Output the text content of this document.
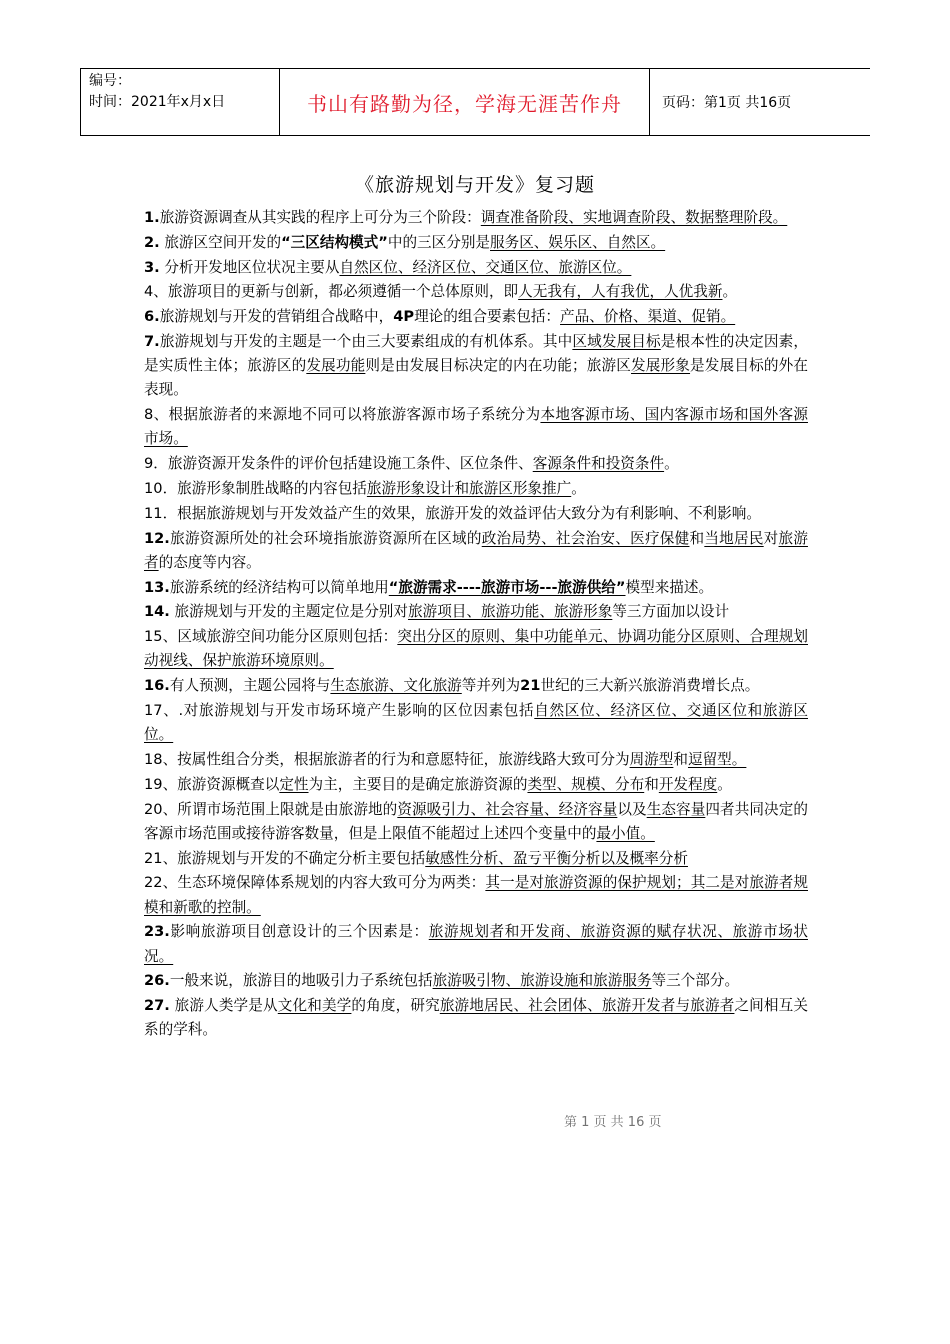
编号：
时间：2021年x月x日	书山有路勤为径，学海无涯苦作舟	页码：第1页 共16页
《旅游规划与开发》复习题

1.旅游资源调查从其实践的程序上可分为三个阶段：调查准备阶段、实地调查阶段、数据整理阶段。

2. 旅游区空间开发的“三区结构模式”中的三区分别是服务区、娱乐区、自然区。

3. 分析开发地区位状况主要从自然区位、经济区位、交通区位、旅游区位。

4、旅游项目的更新与创新，都必须遵循一个总体原则，即人无我有，人有我优，人优我新。

6.旅游规划与开发的营销组合战略中，4P理论的组合要素包括：产品、价格、渠道、促销。

7.旅游规划与开发的主题是一个由三大要素组成的有机体系。其中区域发展目标是根本性的决定因素，是实质性主体；旅游区的发展功能则是由发展目标决定的内在功能；旅游区发展形象是发展目标的外在表现。

8、根据旅游者的来源地不同可以将旅游客源市场子系统分为本地客源市场、国内客源市场和国外客源市场。

9．旅游资源开发条件的评价包括建设施工条件、区位条件、客源条件和投资条件。

10．旅游形象制胜战略的内容包括旅游形象设计和旅游区形象推广。

11．根据旅游规划与开发效益产生的效果，旅游开发的效益评估大致分为有利影响、不利影响。

12.旅游资源所处的社会环境指旅游资源所在区域的政治局势、社会治安、医疗保健和当地居民对旅游者的态度等内容。

13.旅游系统的经济结构可以简单地用“旅游需求----旅游市场---旅游供给”模型来描述。

14. 旅游规划与开发的主题定位是分别对旅游项目、旅游功能、旅游形象等三方面加以设计

15、区域旅游空间功能分区原则包括：突出分区的原则、集中功能单元、协调功能分区原则、合理规划动视线、保护旅游环境原则。

16.有人预测，主题公园将与生态旅游、文化旅游等并列为21世纪的三大新兴旅游消费增长点。

17、.对旅游规划与开发市场环境产生影响的区位因素包括自然区位、经济区位、交通区位和旅游区位。

18、按属性组合分类，根据旅游者的行为和意愿特征，旅游线路大致可分为周游型和逗留型。

19、旅游资源概查以定性为主，主要目的是确定旅游资源的类型、规模、分布和开发程度。

20、所谓市场范围上限就是由旅游地的资源吸引力、社会容量、经济容量以及生态容量四者共同决定的客源市场范围或接待游客数量，但是上限值不能超过上述四个变量中的最小值。

21、旅游规划与开发的不确定分析主要包括敏感性分析、盈亏平衡分析以及概率分析

22、生态环境保障体系规划的内容大致可分为两类：其一是对旅游资源的保护规划；其二是对旅游者规模和新歌的控制。

23.影响旅游项目创意设计的三个因素是：旅游规划者和开发商、旅游资源的赋存状况、旅游市场状况。

26.一般来说，旅游目的地吸引力子系统包括旅游吸引物、旅游设施和旅游服务等三个部分。

27. 旅游人类学是从文化和美学的角度，研究旅游地居民、社会团体、旅游开发者与旅游者之间相互关系的学科。

第 1 页 共 16 页
